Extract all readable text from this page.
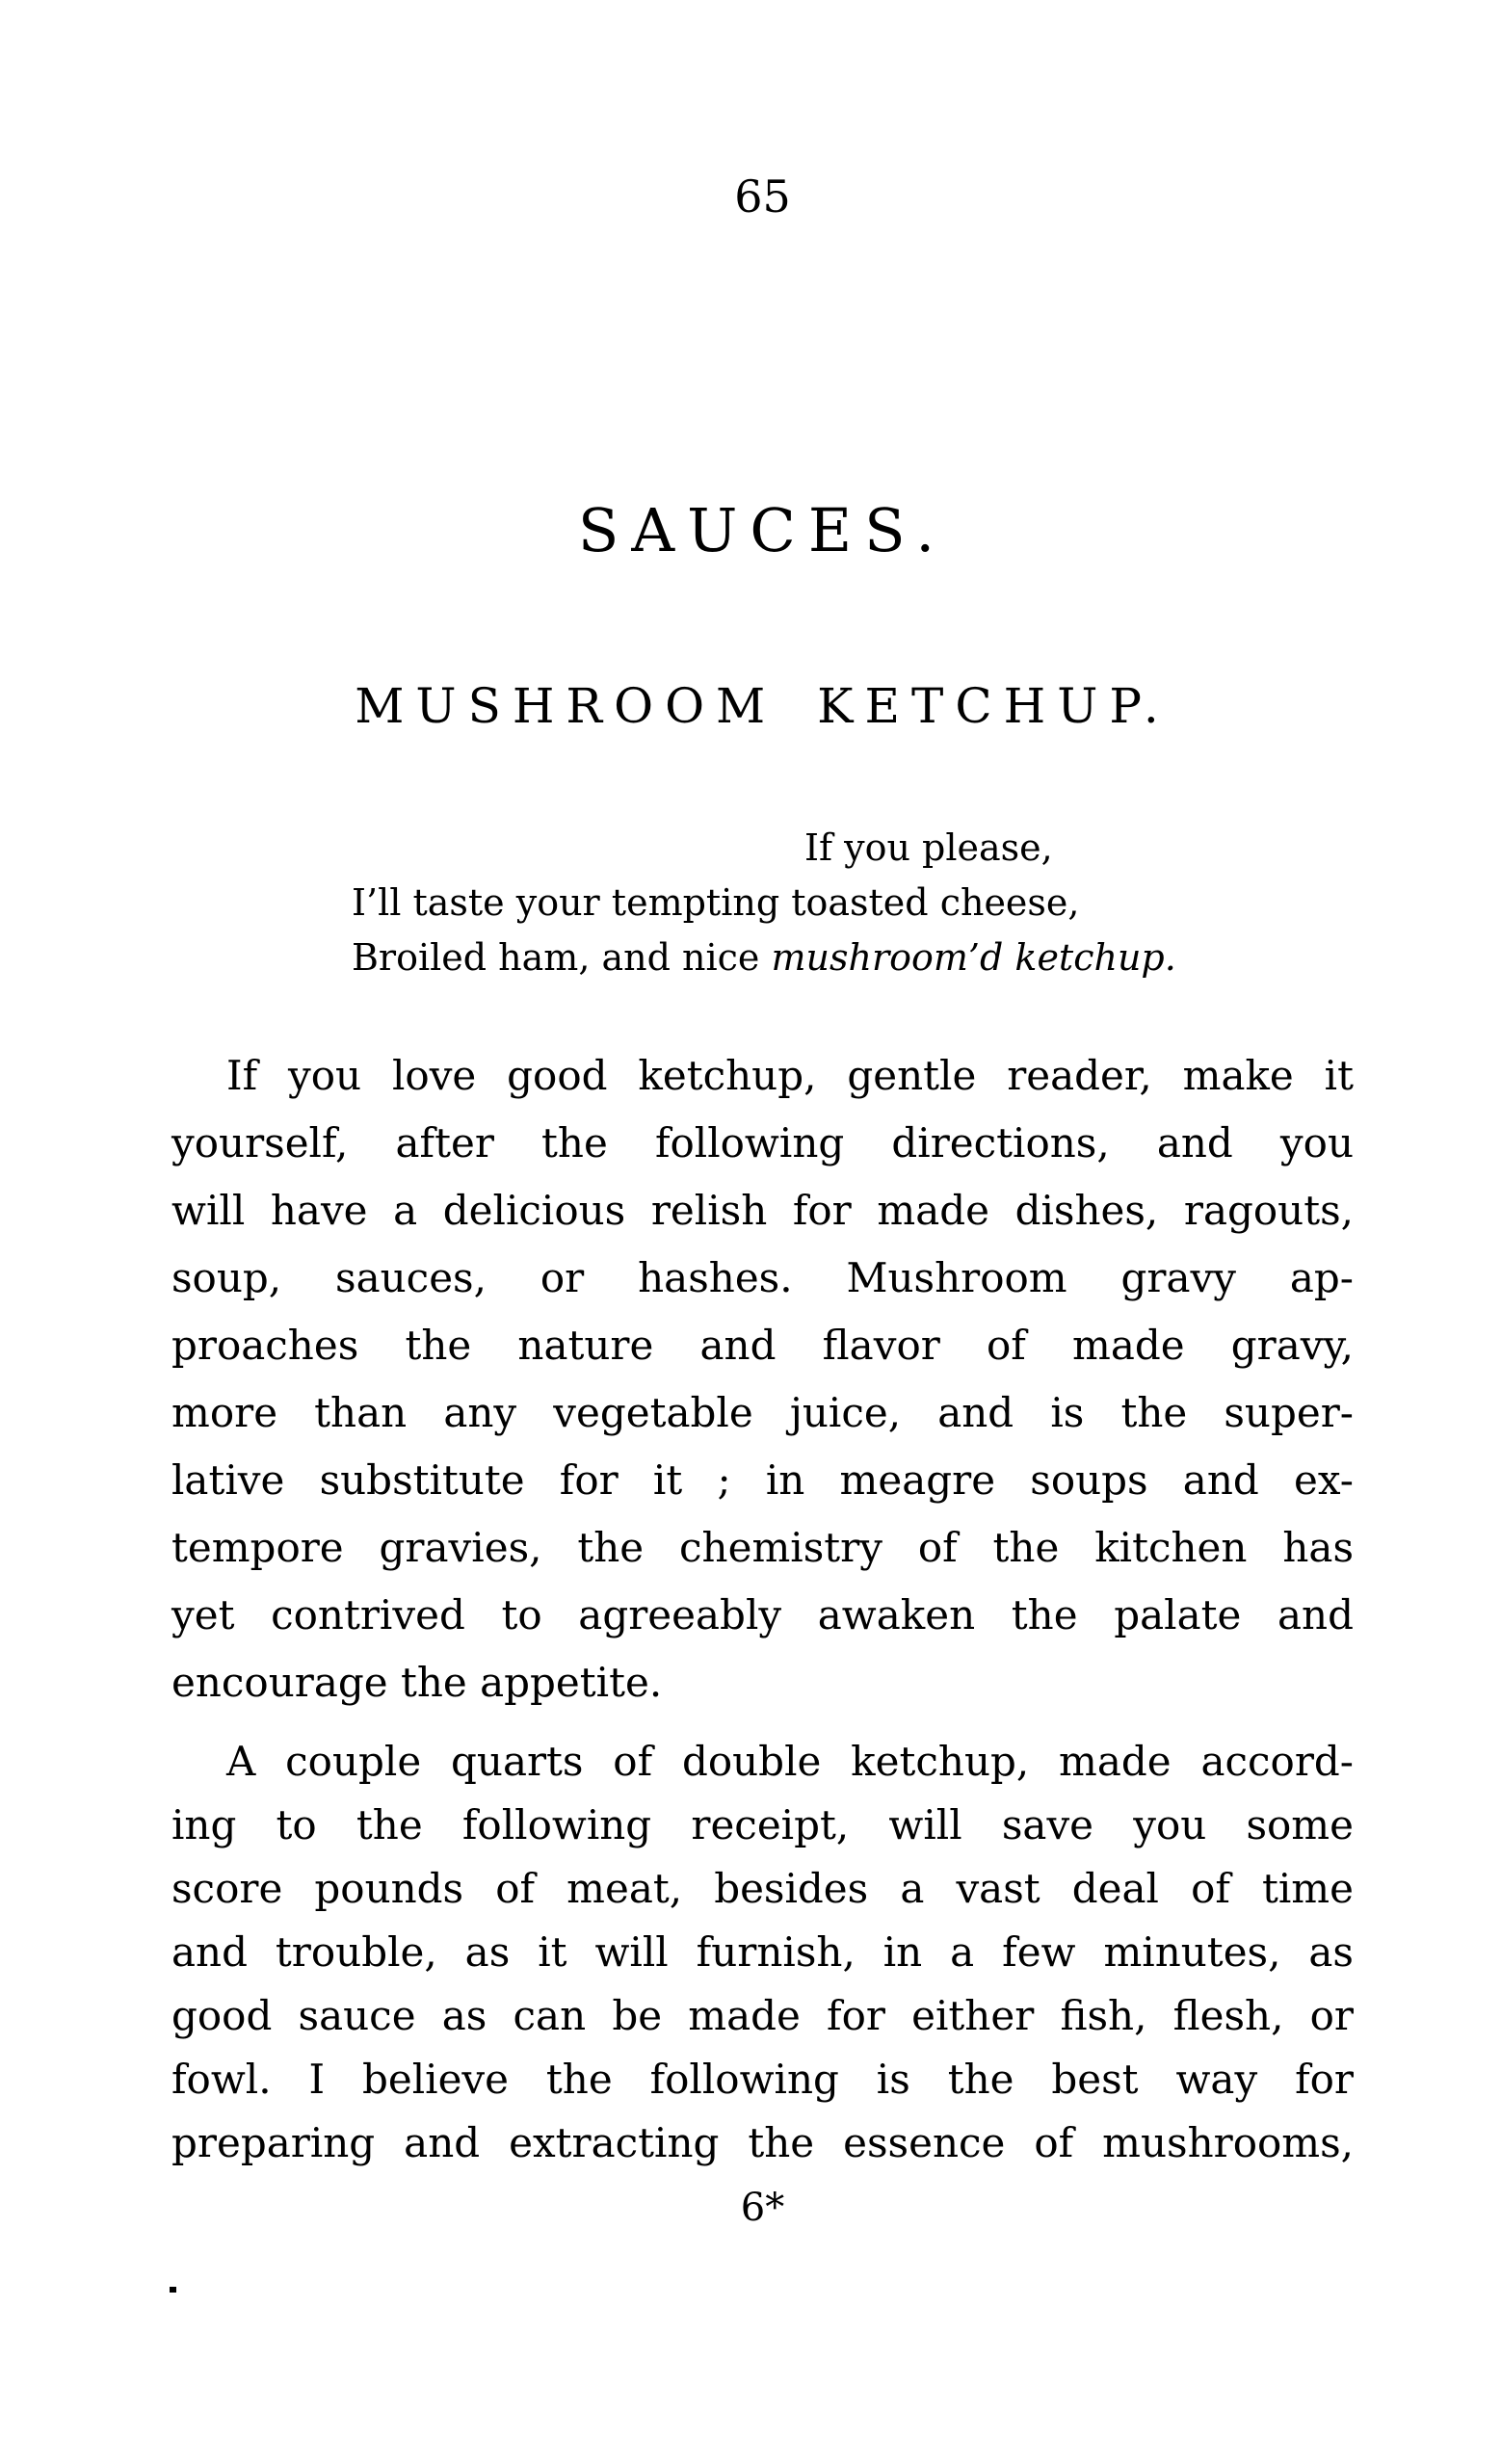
65
SAUCES.
MUSHROOM KETCHUP.
If you please,
I’ll taste your tempting toasted cheese,
Broiled ham, and nice mushroom’d ketchup.
If you love good ketchup, gentle reader, make it
yourself, after the following directions, and you
will have a delicious relish for made dishes, ragouts,
soup, sauces, or hashes. Mushroom gravy ap-
proaches the nature and flavor of made gravy,
more than any vegetable juice, and is the super-
lative substitute for it ; in meagre soups and ex-
tempore gravies, the chemistry of the kitchen has
yet contrived to agreeably awaken the palate and
encourage the appetite.
A couple quarts of double ketchup, made accord-
ing to the following receipt, will save you some
score pounds of meat, besides a vast deal of time
and trouble, as it will furnish, in a few minutes, as
good sauce as can be made for either fish, flesh, or
fowl. I believe the following is the best way for
preparing and extracting the essence of mushrooms,
6*
